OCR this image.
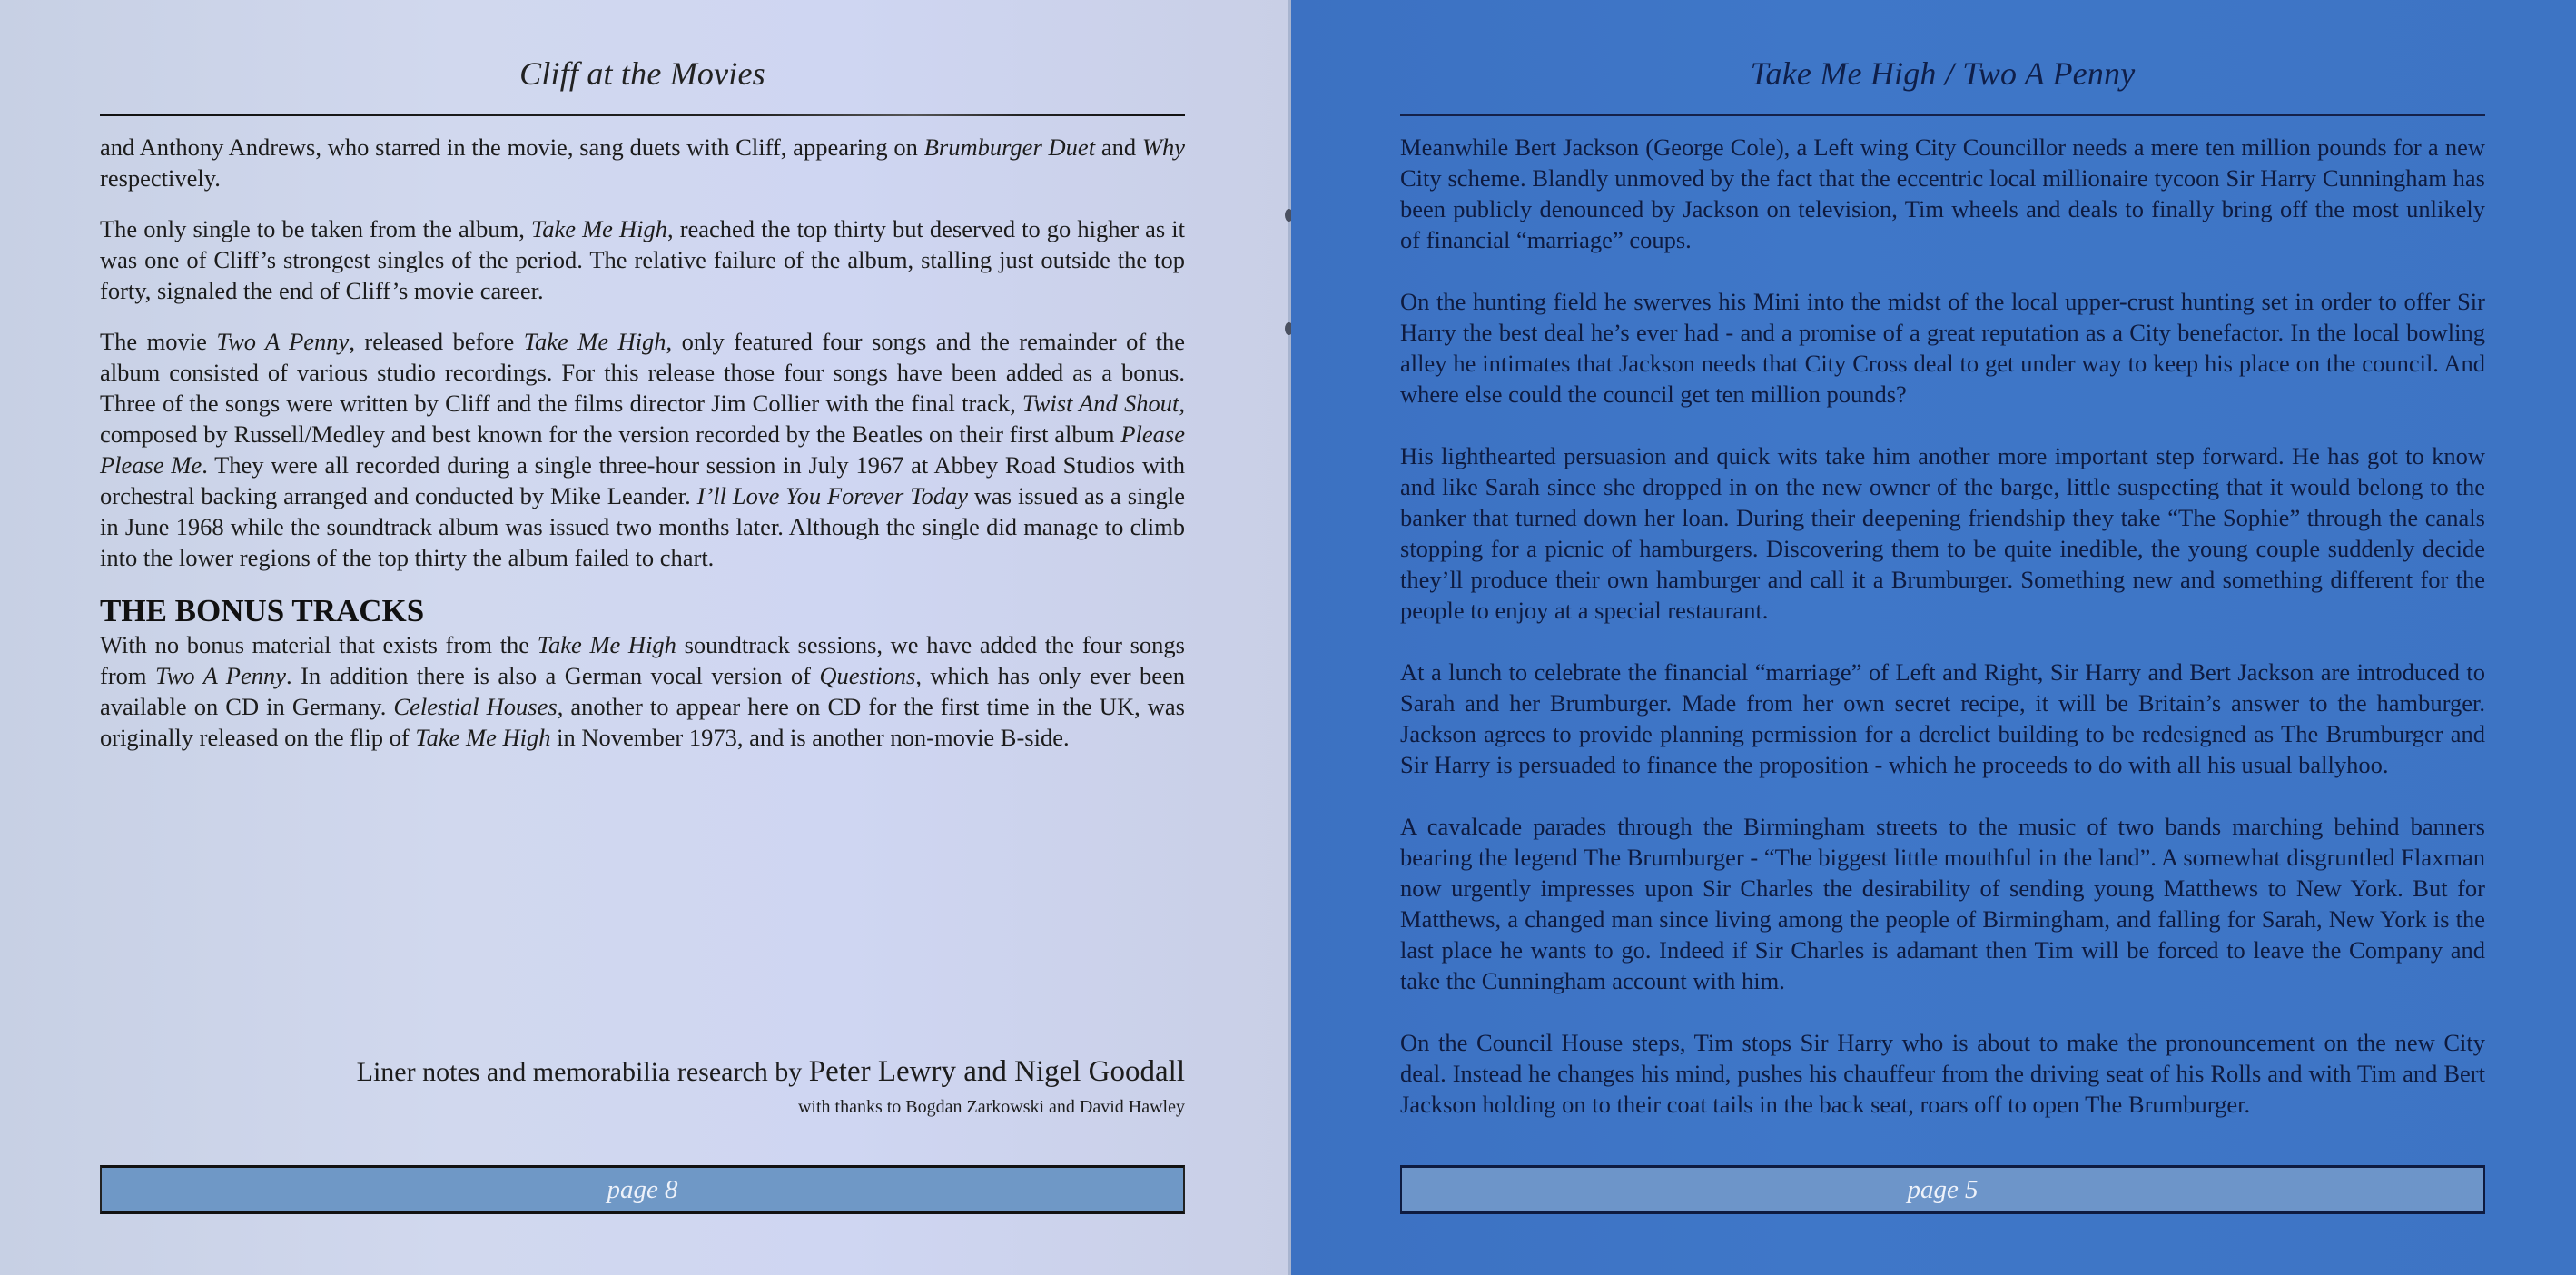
Cliff at the Movies

and Anthony Andrews, who starred in the movie, sang duets with Cliff, appearing on Brumburger Duet and Why respectively.

The only single to be taken from the album, Take Me High, reached the top thirty but deserved to go higher as it was one of Cliff’s strongest singles of the period. The relative failure of the album, stalling just outside the top forty, signaled the end of Cliff’s movie career.

The movie Two A Penny, released before Take Me High, only featured four songs and the remainder of the album consisted of various studio recordings. For this release those four songs have been added as a bonus. Three of the songs were written by Cliff and the films director Jim Collier with the final track, Twist And Shout, composed by Russell/Medley and best known for the version recorded by the Beatles on their first album Please Please Me. They were all recorded during a single three-hour session in July 1967 at Abbey Road Studios with orchestral backing arranged and conducted by Mike Leander. I’ll Love You Forever Today was issued as a single in June 1968 while the soundtrack album was issued two months later. Although the single did manage to climb into the lower regions of the top thirty the album failed to chart.

THE BONUS TRACKS

With no bonus material that exists from the Take Me High soundtrack sessions, we have added the four songs from Two A Penny. In addition there is also a German vocal version of Questions, which has only ever been available on CD in Germany. Celestial Houses, another to appear here on CD for the first time in the UK, was originally released on the flip of Take Me High in November 1973, and is another non-movie B-side.

Liner notes and memorabilia research by Peter Lewry and Nigel Goodall
with thanks to Bogdan Zarkowski and David Hawley
page 8
Take Me High / Two A Penny

Meanwhile Bert Jackson (George Cole), a Left wing City Councillor needs a mere ten million pounds for a new City scheme. Blandly unmoved by the fact that the eccentric local millionaire tycoon Sir Harry Cunningham has been publicly denounced by Jackson on television, Tim wheels and deals to finally bring off the most unlikely of financial “marriage” coups.

On the hunting field he swerves his Mini into the midst of the local upper-crust hunting set in order to offer Sir Harry the best deal he’s ever had - and a promise of a great reputation as a City benefactor. In the local bowling alley he intimates that Jackson needs that City Cross deal to get under way to keep his place on the council. And where else could the council get ten million pounds?

His lighthearted persuasion and quick wits take him another more important step forward. He has got to know and like Sarah since she dropped in on the new owner of the barge, little suspecting that it would belong to the banker that turned down her loan. During their deepening friendship they take “The Sophie” through the canals stopping for a picnic of hamburgers. Discovering them to be quite inedible, the young couple suddenly decide they’ll produce their own hamburger and call it a Brumburger. Something new and something different for the people to enjoy at a special restaurant.

At a lunch to celebrate the financial “marriage” of Left and Right, Sir Harry and Bert Jackson are introduced to Sarah and her Brumburger. Made from her own secret recipe, it will be Britain’s answer to the hamburger. Jackson agrees to provide planning permission for a derelict building to be redesigned as The Brumburger and Sir Harry is persuaded to finance the proposition - which he proceeds to do with all his usual ballyhoo.

A cavalcade parades through the Birmingham streets to the music of two bands marching behind banners bearing the legend The Brumburger - “The biggest little mouthful in the land”. A somewhat disgruntled Flaxman now urgently impresses upon Sir Charles the desirability of sending young Matthews to New York. But for Matthews, a changed man since living among the people of Birmingham, and falling for Sarah, New York is the last place he wants to go. Indeed if Sir Charles is adamant then Tim will be forced to leave the Company and take the Cunningham account with him.

On the Council House steps, Tim stops Sir Harry who is about to make the pronouncement on the new City deal. Instead he changes his mind, pushes his chauffeur from the driving seat of his Rolls and with Tim and Bert Jackson holding on to their coat tails in the back seat, roars off to open The Brumburger.

page 5
